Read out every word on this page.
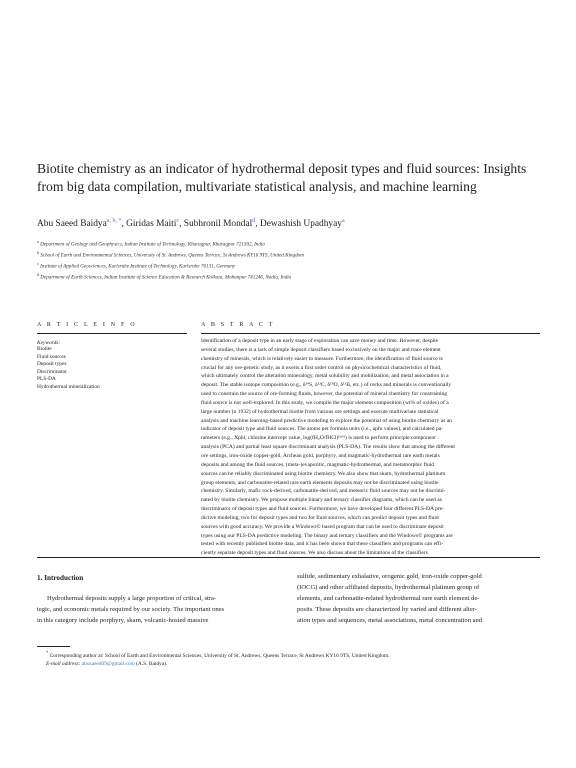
Biotite chemistry as an indicator of hydrothermal deposit types and fluid sources: Insights from big data compilation, multivariate statistical analysis, and machine learning
Abu Saeed Baidya$^{a, b, *}$, Giridas Maiti$^c$, Subhronil Mondal$^d$, Dewashish Upadhyay$^a$
$^a$ Department of Geology and Geophysics, Indian Institute of Technology, Kharagpur, Kharagpur 721302, India
$^b$ School of Earth and Environmental Sciences, University of St. Andrews, Queens Terrace, St Andrews KY16 9TS, United Kingdom
$^c$ Institute of Applied Geosciences, Karlsruhe Institute of Technology, Karlsruhe 76131, Germany
$^d$ Department of Earth Sciences, Indian Institute of Science Education & Research Kolkata, Mohanpur 741246, Nadia, India
A R T I C L E I N F O	A B S T R A C T
Keywords:
Biotite
Fluid sources
Deposit types
Discriminator
PLS-DA
Hydrothermal mineralization
Identification of a deposit type in an early stage of exploration can save money and time. However, despite
several studies, there is a lack of simple deposit classifiers based exclusively on the major and trace element
chemistry of minerals, which is relatively easier to measure. Furthermore, the identification of fluid source is
crucial for any ore-genetic study, as it exerts a first order control on physicochemical characteristics of fluid,
which ultimately control the alteration mineralogy, metal solubility and mobilization, and metal association in a
deposit. The stable isotope composition (e.g., δ³⁴S, δ¹³C, δ¹⁸O, δ¹¹B, etc.) of rocks and minerals is conventionally
used to constrain the source of ore-forming fluids, however, the potential of mineral chemistry for constraining
fluid source is not well-explored. In this study, we compile the major element composition (wt% of oxides) of a
large number (n 1932) of hydrothermal biotite from various ore settings and execute multivariate statistical
analysis and machine learning-based predictive modeling to explore the potential of using biotite chemistry as an
indicator of deposit type and fluid sources. The atoms per formula units (i.e., apfu values), and calculated pa-
rameters (e.g., Xphl, chlorine intercept value, log(fH₂O/fHCl)ᶠˡᵘⁱᵈ) is used to perform principle component
analysis (PCA) and partial least square discriminant analysis (PLS-DA). The results show that among the different
ore settings, iron-oxide copper-gold, Archean gold, porphyry, and magmatic-hydrothermal rare earth metals
deposits and among the fluid sources, (meta-)evaporitic, magmatic-hydrothermal, and metamorphic fluid
sources can be reliably discriminated using biotite chemistry. We also show that skarn, hydrothermal platinum
group elements, and carbonatite-related rare earth elements deposits may not be discriminated using biotite
chemistry. Similarly, mafic rock-derived, carbonatite-derived, and meteoric fluid sources may not be discrimi-
nated by biotite chemistry. We propose multiple binary and ternary classifier diagrams, which can be used as
discriminator of deposit types and fluid sources. Furthermore, we have developed four different PLS-DA pre-
dictive modeling, two for deposit types and two for fluid sources, which can predict deposit types and fluid
sources with good accuracy. We provide a Windows© based program that can be used to discriminate deposit
types using our PLS-DA predictive modeling. The binary and ternary classifiers and the Windows© programs are
tested with recently published biotite data, and it has been shown that these classifiers and programs can effi-
ciently separate deposit types and fluid sources. We also discuss about the limitations of the classifiers.
1. Introduction
Hydrothermal deposits supply a large proportion of critical, stra-
tegic, and economic metals required by our society. The important ones
in this category include porphyry, skarn, volcanic-hosted massive
sulfide, sedimentary exhalative, orogenic gold, iron-oxide copper-gold
(IOCG) and other affiliated deposits, hydrothermal platinum group of
elements, and carbonatite-related hydrothermal rare earth element de-
posits. These deposits are characterized by varied and different alter-
ation types and sequences, metal associations, metal concentration and
* Corresponding author at: School of Earth and Environmental Sciences, University of St. Andrews, Queens Terrace, St Andrews KY16 9TS, United Kingdom.
E-mail address: abusaeed09@gmail.com (A.S. Baidya).
